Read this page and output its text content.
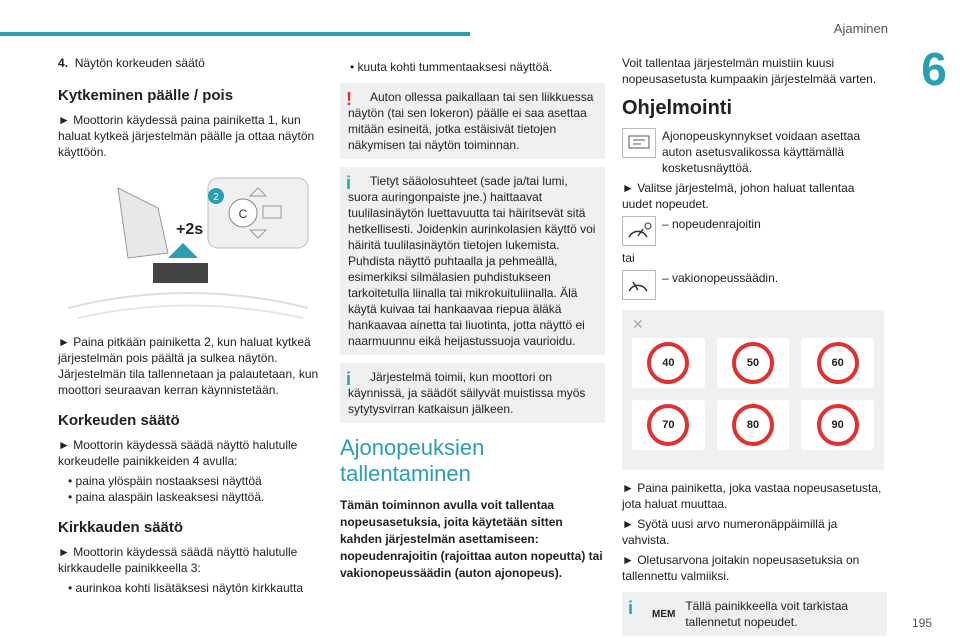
Ajaminen
6

4. Näytön korkeuden säätö

Kytkeminen päälle / pois

► Moottorin käydessä paina painiketta 1, kun haluat kytkeä järjestelmän päälle ja ottaa näytön käyttöön.

C
2
+2s

► Paina pitkään painiketta 2, kun haluat kytkeä järjestelmän pois päältä ja sulkea näytön. Järjestelmän tila tallennetaan ja palautetaan, kun moottori seuraavan kerran käynnistetään.

Korkeuden säätö

► Moottorin käydessä säädä näyttö halutulle korkeudelle painikkeiden 4 avulla:

• paina ylöspäin nostaaksesi näyttöä
• paina alaspäin laskeaksesi näyttöä.
Kirkkauden säätö

► Moottorin käydessä säädä näyttö halutulle kirkkaudelle painikkeella 3:

• aurinkoa kohti lisätäksesi näytön kirkkautta
• kuuta kohti tummentaaksesi näyttöä.
!	Auton ollessa paikallaan tai sen liikkuessa näytön (tai sen lokeron) päälle ei saa asettaa mitään esineitä, jotka estäisivät tietojen näkymisen tai näytön toiminnan.

i	Tietyt sääolosuhteet (sade ja/tai lumi, suora auringonpaiste jne.) haittaavat tuulilasinäytön luettavuutta tai häiritsevät sitä hetkellisesti. Joidenkin aurinkolasien käyttö voi häiritä tuulilasinäytön tietojen lukemista. Puhdista näyttö puhtaalla ja pehmeällä, esimerkiksi silmälasien puhdistukseen tarkoitetulla liinalla tai mikrokuituliinalla. Älä käytä kuivaa tai hankaavaa riepua äläkä hankaavaa ainetta tai liuotinta, jotta näyttö ei naarmuunnu eikä heijastussuoja vaurioidu.

i	Järjestelmä toimii, kun moottori on käynnissä, ja säädöt säilyvät muistissa myös sytytysvirran katkaisun jälkeen.

Ajonopeuksien tallentaminen

Tämän toiminnon avulla voit tallentaa nopeusasetuksia, joita käytetään sitten kahden järjestelmän asettamiseen: nopeudenrajoitin (rajoittaa auton nopeutta) tai vakionopeussäädin (auton ajonopeus).

Voit tallentaa järjestelmän muistiin kuusi nopeusasetusta kumpaakin järjestelmää varten.

Ohjelmointi

Ajonopeuskynnykset voidaan asettaa auton asetusvalikossa käyttämällä kosketusnäyttöä.

► Valitse järjestelmä, johon haluat tallentaa uudet nopeudet.

– nopeudenrajoitin

tai

– vakionopeussäädin.

✕
40	50	60
70	80	90

► Paina painiketta, joka vastaa nopeusasetusta, jota haluat muuttaa.

► Syötä uusi arvo numeronäppäimillä ja vahvista.

► Oletusarvona joitakin nopeusasetuksia on tallennettu valmiiksi.

i MEM

Tällä painikkeella voit tarkistaa tallennetut nopeudet.	195
